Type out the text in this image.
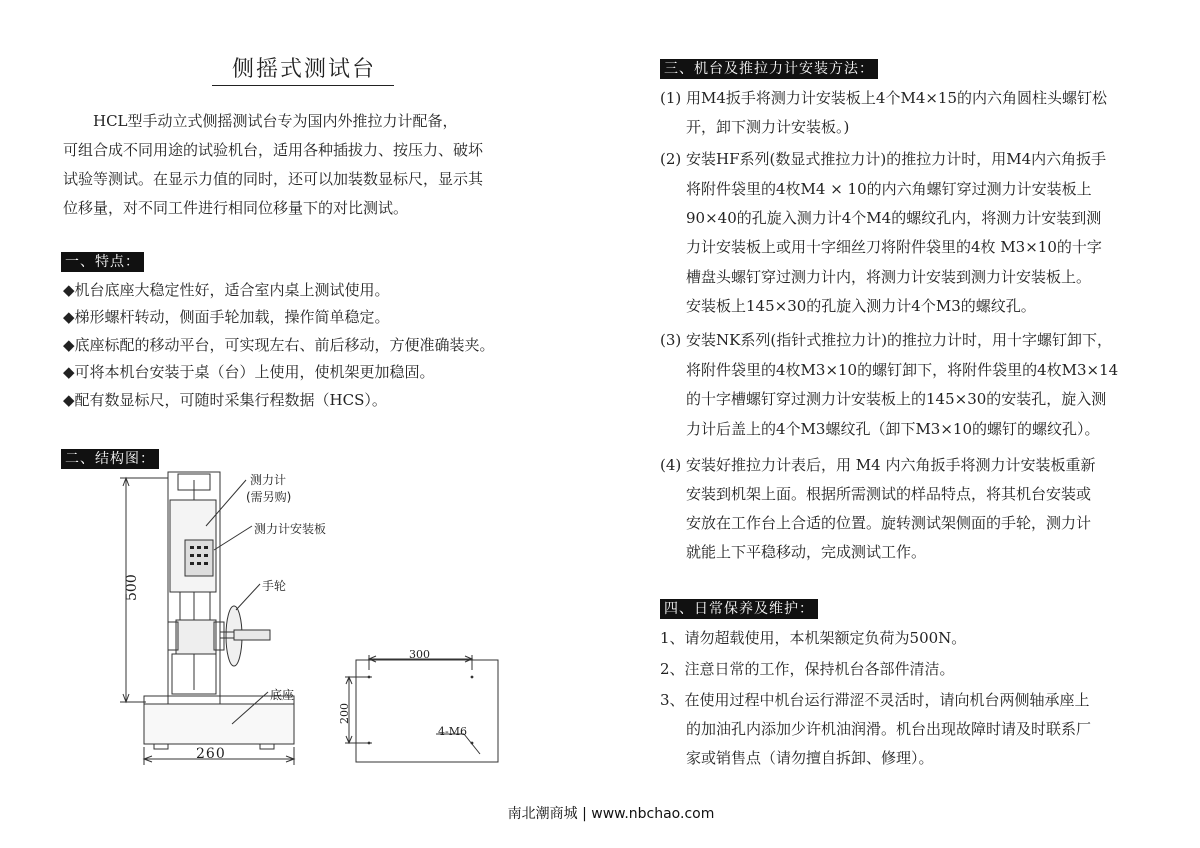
侧摇式测试台
HCL型手动立式侧摇测试台专为国内外推拉力计配备，
可组合成不同用途的试验机台，适用各种插拔力、按压力、破坏
试验等测试。在显示力值的同时，还可以加装数显标尺，显示其
位移量，对不同工件进行相同位移量下的对比测试。
一、特点：
◆机台底座大稳定性好，适合室内桌上测试使用。
◆梯形螺杆转动，侧面手轮加载，操作简单稳定。
◆底座标配的移动平台，可实现左右、前后移动，方便准确装夹。
◆可将本机台安装于桌（台）上使用，使机架更加稳固。
◆配有数显标尺，可随时采集行程数据（HCS）。
二、结构图：
500
测力计
(需另购)
测力计安装板
手轮
底座
260
300
200
4-M6
三、机台及推拉力计安装方法：
(1) 用M4扳手将测力计安装板上4个M4×15的内六角圆柱头螺钉松
开，卸下测力计安装板。)
(2) 安装HF系列(数显式推拉力计)的推拉力计时，用M4内六角扳手
将附件袋里的4枚M4 × 10的内六角螺钉穿过测力计安装板上
90×40的孔旋入测力计4个M4的螺纹孔内，将测力计安装到测
力计安装板上或用十字细丝刀将附件袋里的4枚 M3×10的十字
槽盘头螺钉穿过测力计内，将测力计安装到测力计安装板上。
安装板上145×30的孔旋入测力计4个M3的螺纹孔。
(3) 安装NK系列(指针式推拉力计)的推拉力计时，用十字螺钉卸下，
将附件袋里的4枚M3×10的螺钉卸下，将附件袋里的4枚M3×14
的十字槽螺钉穿过测力计安装板上的145×30的安装孔，旋入测
力计后盖上的4个M3螺纹孔（卸下M3×10的螺钉的螺纹孔）。
(4) 安装好推拉力计表后，用 M4 内六角扳手将测力计安装板重新
安装到机架上面。根据所需测试的样品特点，将其机台安装或
安放在工作台上合适的位置。旋转测试架侧面的手轮，测力计
就能上下平稳移动，完成测试工作。
四、日常保养及维护：
1、请勿超载使用，本机架额定负荷为500N。
2、注意日常的工作，保持机台各部件清洁。
3、在使用过程中机台运行滞涩不灵活时，请向机台两侧轴承座上
的加油孔内添加少许机油润滑。机台出现故障时请及时联系厂
家或销售点（请勿擅自拆卸、修理）。
南北潮商城 | www.nbchao.com
